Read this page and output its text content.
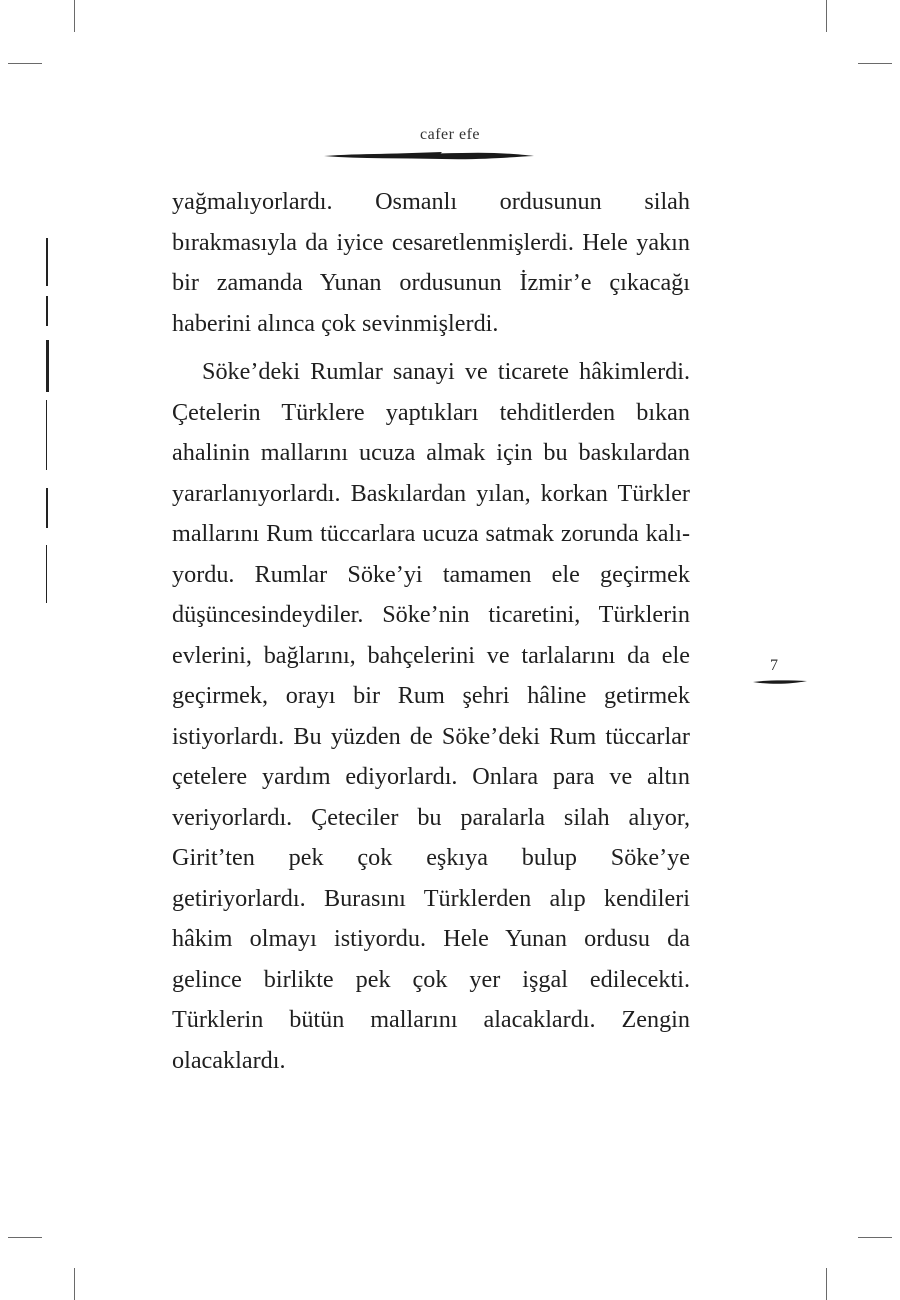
cafer efe

yağmalıyorlardı. Osmanlı ordusunun silah bırakmasıyla da iyice cesaretlenmişlerdi. Hele yakın bir zamanda Yunan ordusunun İzmir’e çıkacağı haberini alınca çok sevinmişlerdi.

Söke’deki Rumlar sanayi ve ticarete hâkimlerdi. Çetelerin Türklere yaptıkları tehditlerden bıkan ahalinin mallarını ucuza almak için bu baskılardan yararlanıyorlardı. Baskılardan yılan, korkan Türkler mallarını Rum tüccarlara ucuza satmak zorunda kalıyordu. Rumlar Söke’yi tamamen ele geçirmek düşüncesindeydiler. Söke’nin ticaretini, Türklerin evlerini, bağlarını, bahçelerini ve tarlalarını da ele geçirmek, orayı bir Rum şehri hâline getirmek istiyorlardı. Bu yüzden de Söke’deki Rum tüccarlar çetelere yardım ediyorlardı. Onlara para ve altın veriyorlardı. Çeteciler bu paralarla silah alıyor, Girit’ten pek çok eşkıya bulup Söke’ye getiriyorlardı. Burasını Türklerden alıp kendileri hâkim olmayı istiyordu. Hele Yunan ordusu da gelince birlikte pek çok yer işgal edilecekti. Türklerin bütün mallarını alacaklardı. Zengin olacaklardı.

7
